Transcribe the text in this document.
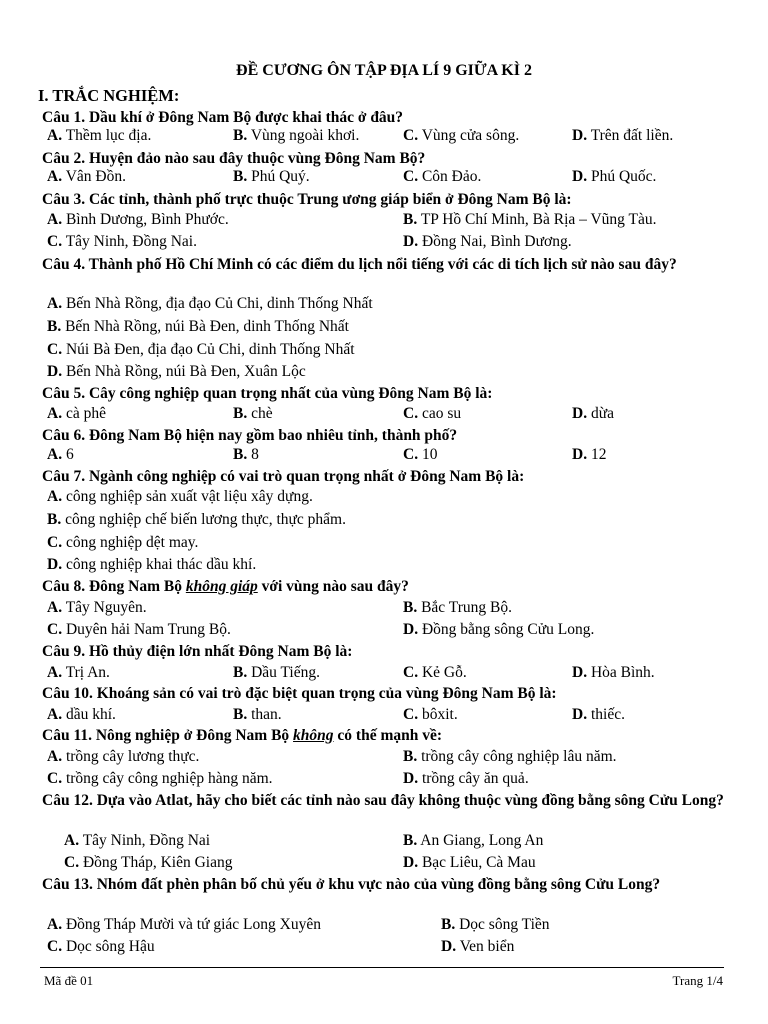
ĐỀ CƯƠNG ÔN TẬP ĐỊA LÍ 9 GIỮA KÌ 2
I. TRẮC NGHIỆM:
Câu 1. Dầu khí ở Đông Nam Bộ được khai thác ở đâu?
A. Thềm lục địa.	B. Vùng ngoài khơi.	C. Vùng cửa sông.	D. Trên đất liền.
Câu 2. Huyện đảo nào sau đây thuộc vùng Đông Nam Bộ?
A. Vân Đồn.	B. Phú Quý.	C. Côn Đảo.	D. Phú Quốc.
Câu 3. Các tỉnh, thành phố trực thuộc Trung ương giáp biển ở Đông Nam Bộ là:
A. Bình Dương, Bình Phước.	B. TP Hồ Chí Minh, Bà Rịa – Vũng Tàu.
C. Tây Ninh, Đồng Nai.	D. Đồng Nai, Bình Dương.
Câu 4. Thành phố Hồ Chí Minh có các điểm du lịch nổi tiếng với các di tích lịch sử nào sau đây?
A. Bến Nhà Rồng, địa đạo Củ Chi, dinh Thống Nhất
B. Bến Nhà Rồng, núi Bà Đen, dinh Thống Nhất
C. Núi Bà Đen, địa đạo Củ Chi, dinh Thống Nhất
D. Bến Nhà Rồng, núi Bà Đen, Xuân Lộc
Câu 5. Cây công nghiệp quan trọng nhất của vùng Đông Nam Bộ là:
A. cà phê	B. chè	C. cao su	D. dừa
Câu 6. Đông Nam Bộ hiện nay gồm bao nhiêu tỉnh, thành phố?
A. 6	B. 8	C. 10	D. 12
Câu 7. Ngành công nghiệp có vai trò quan trọng nhất ở Đông Nam Bộ là:
A. công nghiệp sản xuất vật liệu xây dựng.
B. công nghiệp chế biến lương thực, thực phẩm.
C. công nghiệp dệt may.
D. công nghiệp khai thác dầu khí.
Câu 8. Đông Nam Bộ không giáp với vùng nào sau đây?
A. Tây Nguyên.	B. Bắc Trung Bộ.
C. Duyên hải Nam Trung Bộ.	D. Đồng bằng sông Cửu Long.
Câu 9. Hồ thủy điện lớn nhất Đông Nam Bộ là:
A. Trị An.	B. Dầu Tiếng.	C. Kẻ Gỗ.	D. Hòa Bình.
Câu 10. Khoáng sản có vai trò đặc biệt quan trọng của vùng Đông Nam Bộ là:
A. dầu khí.	B. than.	C. bôxit.	D. thiếc.
Câu 11. Nông nghiệp ở Đông Nam Bộ không có thế mạnh về:
A. trồng cây lương thực.	B. trồng cây công nghiệp lâu năm.
C. trồng cây công nghiệp hàng năm.	D. trồng cây ăn quả.
Câu 12. Dựa vào Atlat, hãy cho biết các tỉnh nào sau đây không thuộc vùng đồng bằng sông Cửu Long?
A. Tây Ninh, Đồng Nai	B. An Giang, Long An
C. Đồng Tháp, Kiên Giang	D. Bạc Liêu, Cà Mau
Câu 13. Nhóm đất phèn phân bố chủ yếu ở khu vực nào của vùng đồng bằng sông Cửu Long?
A. Đồng Tháp Mười và tứ giác Long Xuyên	B. Dọc sông Tiền
C. Dọc sông Hậu	D. Ven biển
Mã đề 01	Trang 1/4
